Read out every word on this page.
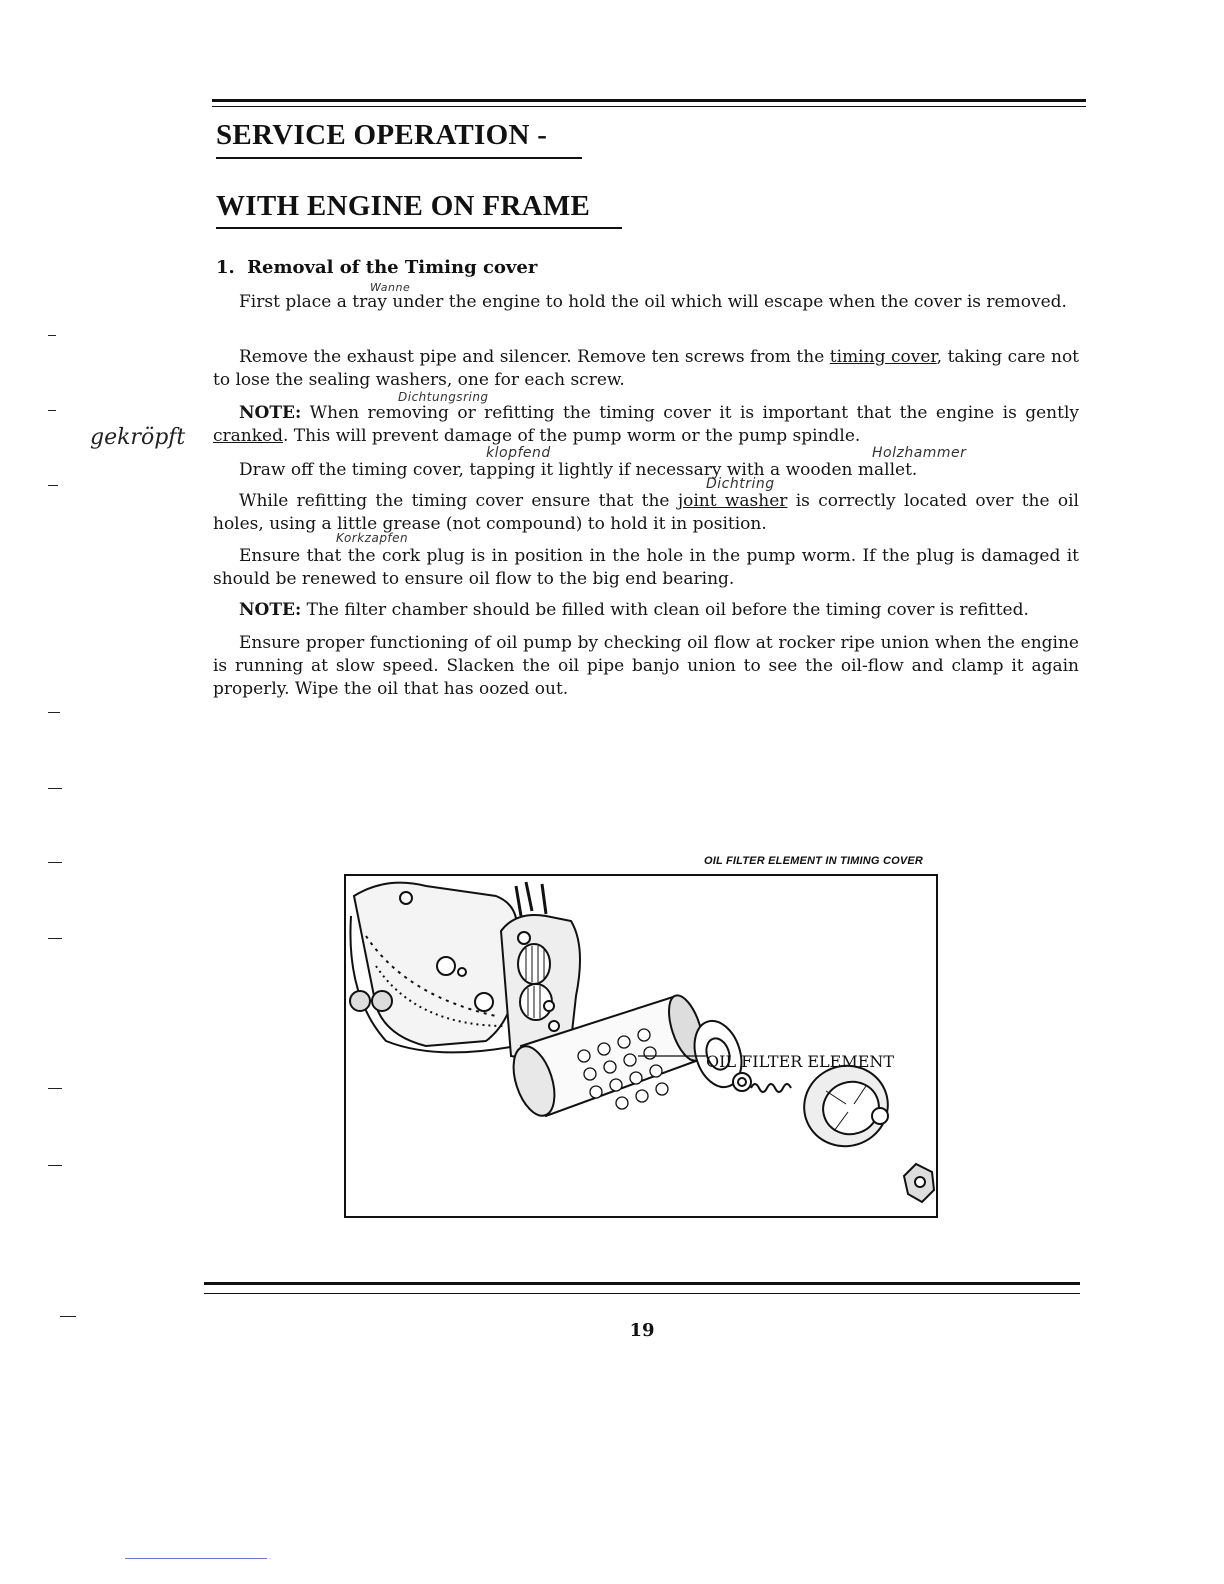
SERVICE OPERATION -
WITH ENGINE ON FRAME
1. Removal of the Timing cover
Wanne
Dichtungsring
gekröpft
klopfend	Holzhammer
Dichtring
Korkzapfen

First place a tray under the engine to hold the oil which will escape when the cover is removed.

Remove the exhaust pipe and silencer. Remove ten screws from the timing cover, taking care not to lose the sealing washers, one for each screw.

NOTE: When removing or refitting the timing cover it is important that the engine is gently cranked. This will prevent damage of the pump worm or the pump spindle.

Draw off the timing cover, tapping it lightly if necessary with a wooden mallet.

While refitting the timing cover ensure that the joint washer is correctly located over the oil holes, using a little grease (not compound) to hold it in position.

Ensure that the cork plug is in position in the hole in the pump worm. If the plug is damaged it should be renewed to ensure oil flow to the big end bearing.

NOTE: The filter chamber should be filled with clean oil before the timing cover is refitted.

Ensure proper functioning of oil pump by checking oil flow at rocker ripe union when the engine is running at slow speed. Slacken the oil pipe banjo union to see the oil-flow and clamp it again properly. Wipe the oil that has oozed out.

OIL FILTER ELEMENT IN TIMING COVER
OIL FILTER ELEMENT
19
